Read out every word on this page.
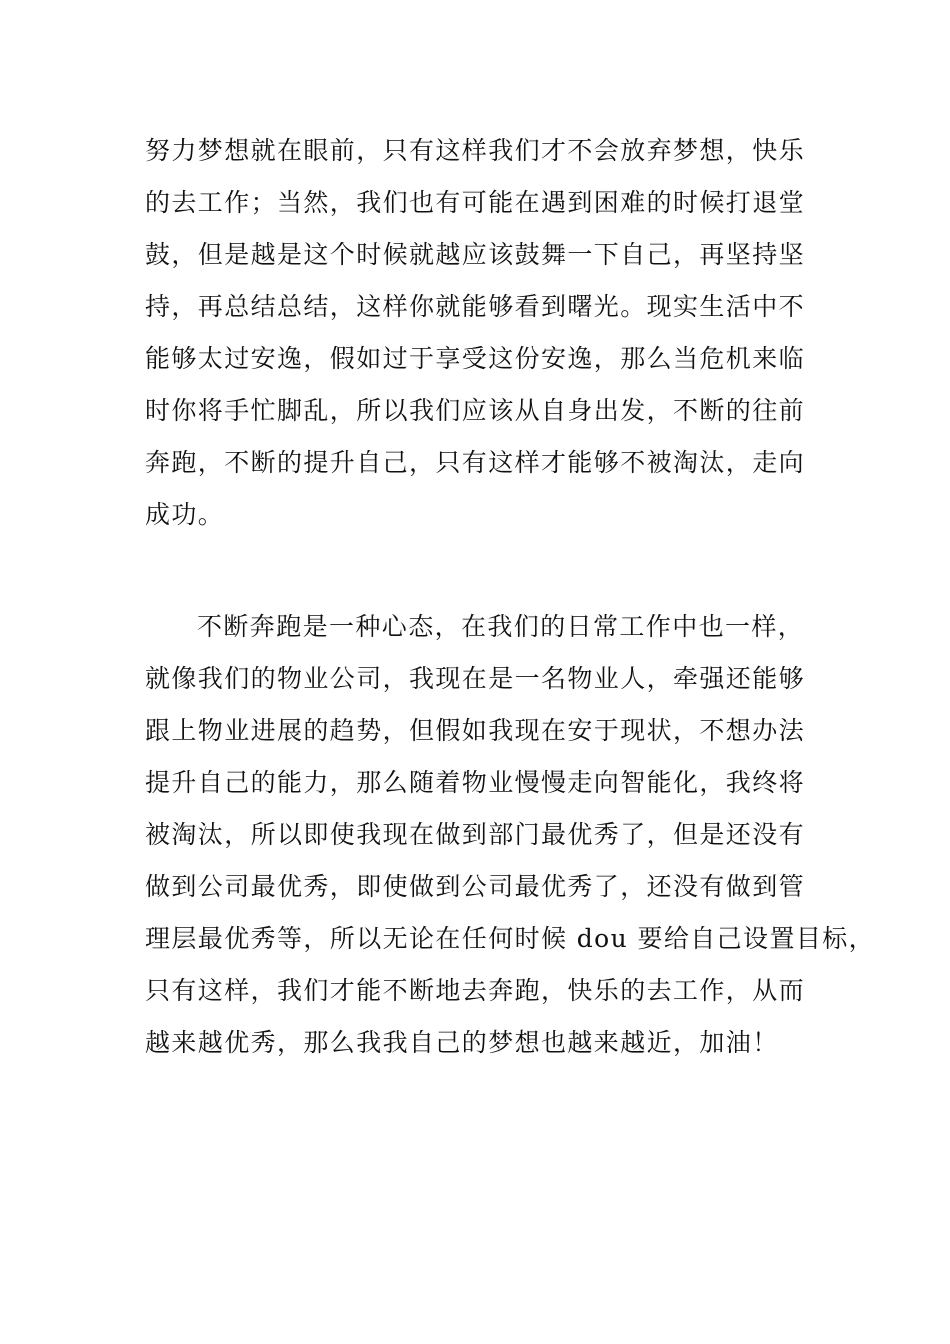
努力梦想就在眼前，只有这样我们才不会放弃梦想，快乐
的去工作；当然，我们也有可能在遇到困难的时候打退堂
鼓，但是越是这个时候就越应该鼓舞一下自己，再坚持坚
持，再总结总结，这样你就能够看到曙光。现实生活中不
能够太过安逸，假如过于享受这份安逸，那么当危机来临
时你将手忙脚乱，所以我们应该从自身出发，不断的往前
奔跑，不断的提升自己，只有这样才能够不被淘汰，走向
成功。
不断奔跑是一种心态，在我们的日常工作中也一样，
就像我们的物业公司，我现在是一名物业人，牵强还能够
跟上物业进展的趋势，但假如我现在安于现状，不想办法
提升自己的能力，那么随着物业慢慢走向智能化，我终将
被淘汰，所以即使我现在做到部门最优秀了，但是还没有
做到公司最优秀，即使做到公司最优秀了，还没有做到管
理层最优秀等，所以无论在任何时候 dou 要给自己设置目标，
只有这样，我们才能不断地去奔跑，快乐的去工作，从而
越来越优秀，那么我我自己的梦想也越来越近，加油！
